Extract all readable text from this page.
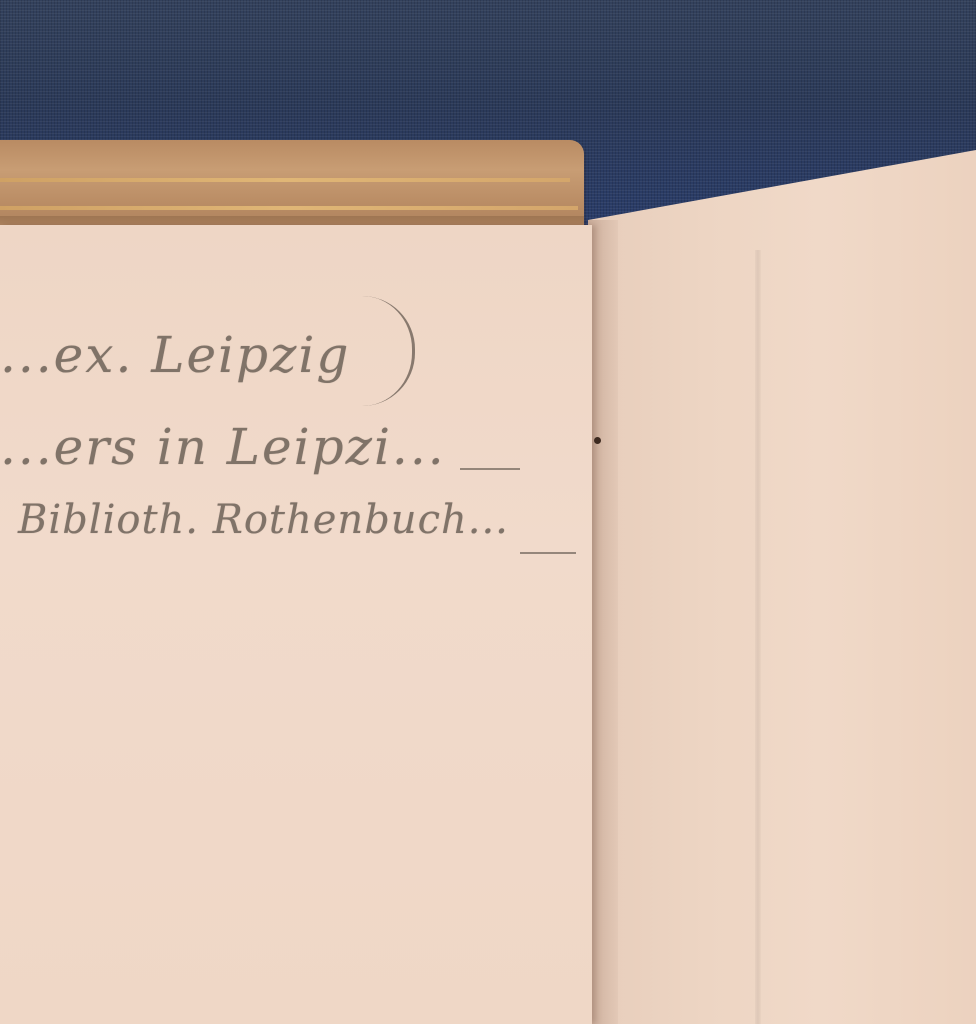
...ex. Leipzig

...ers in Leipzi...

Biblioth. Rothenbuch...
